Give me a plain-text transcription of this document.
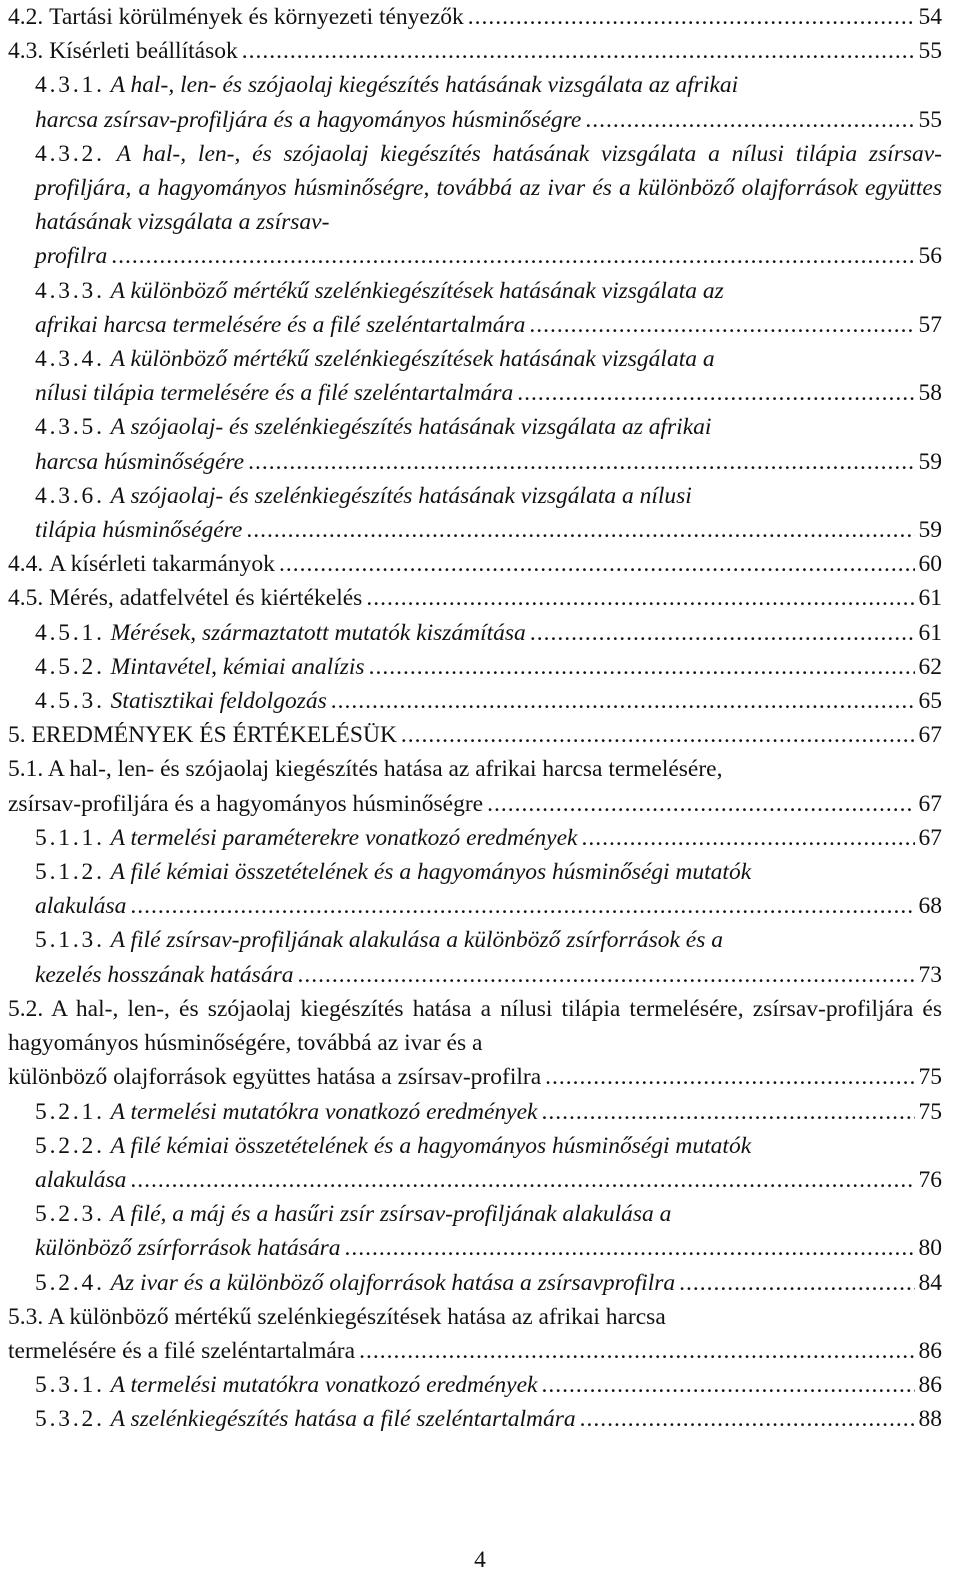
4.2.
Tartási körülmények és környezeti tényezők .....	54
4.3.
Kísérleti beállítások .....	55
4.3.1. A hal-, len- és szójaolaj kiegészítés hatásának vizsgálata az afrikai
harcsa zsírsav-profiljára és a hagyományos húsminőségre .....	55
4.3.2. A hal-, len-, és szójaolaj kiegészítés hatásának vizsgálata a nílusi tilápia zsírsav-profiljára, a hagyományos húsminőségre, továbbá az ivar és a különböző olajforrások együttes hatásának vizsgálata a zsírsav-
profilra .....	56
4.3.3. A különböző mértékű szelénkiegészítések hatásának vizsgálata az
afrikai harcsa termelésére és a filé szeléntartalmára .....	57
4.3.4. A különböző mértékű szelénkiegészítések hatásának vizsgálata a
nílusi tilápia termelésére és a filé szeléntartalmára .....	58
4.3.5. A szójaolaj- és szelénkiegészítés hatásának vizsgálata az afrikai
harcsa húsminőségére .....	59
4.3.6. A szójaolaj- és szelénkiegészítés hatásának vizsgálata a nílusi
tilápia húsminőségére .....	59
4.4.
A kísérleti takarmányok .....	60
4.5.
Mérés, adatfelvétel és kiértékelés .....	61
4.5.1.
Mérések, származtatott mutatók kiszámítása .....	61
4.5.2.
Mintavétel, kémiai analízis .....	62
4.5.3.
Statisztikai feldolgozás .....	65
5.
EREDMÉNYEK ÉS ÉRTÉKELÉSÜK .....	67
5.1. A hal-, len- és szójaolaj kiegészítés hatása az afrikai harcsa termelésére,
zsírsav-profiljára és a hagyományos húsminőségre .....	67
5.1.1.
A termelési paraméterekre vonatkozó eredmények .....	67
5.1.2. A filé kémiai összetételének és a hagyományos húsminőségi mutatók
alakulása .....	68
5.1.3. A filé zsírsav-profiljának alakulása a különböző zsírforrások és a
kezelés hosszának hatására .....	73
5.2. A hal-, len-, és szójaolaj kiegészítés hatása a nílusi tilápia termelésére, zsírsav-profiljára és hagyományos húsminőségére, továbbá az ivar és a
különböző olajforrások együttes hatása a zsírsav-profilra .....	75
5.2.1.
A termelési mutatókra vonatkozó eredmények .....	75
5.2.2. A filé kémiai összetételének és a hagyományos húsminőségi mutatók
alakulása .....	76
5.2.3. A filé, a máj és a hasűri zsír zsírsav-profiljának alakulása a
különböző zsírforrások hatására .....	80
5.2.4.
Az ivar és a különböző olajforrások hatása a zsírsavprofilra .....	84
5.3. A különböző mértékű szelénkiegészítések hatása az afrikai harcsa
termelésére és a filé szeléntartalmára .....	86
5.3.1.
A termelési mutatókra vonatkozó eredmények .....	86
5.3.2.
A szelénkiegészítés hatása a filé szeléntartalmára .....	88
4
